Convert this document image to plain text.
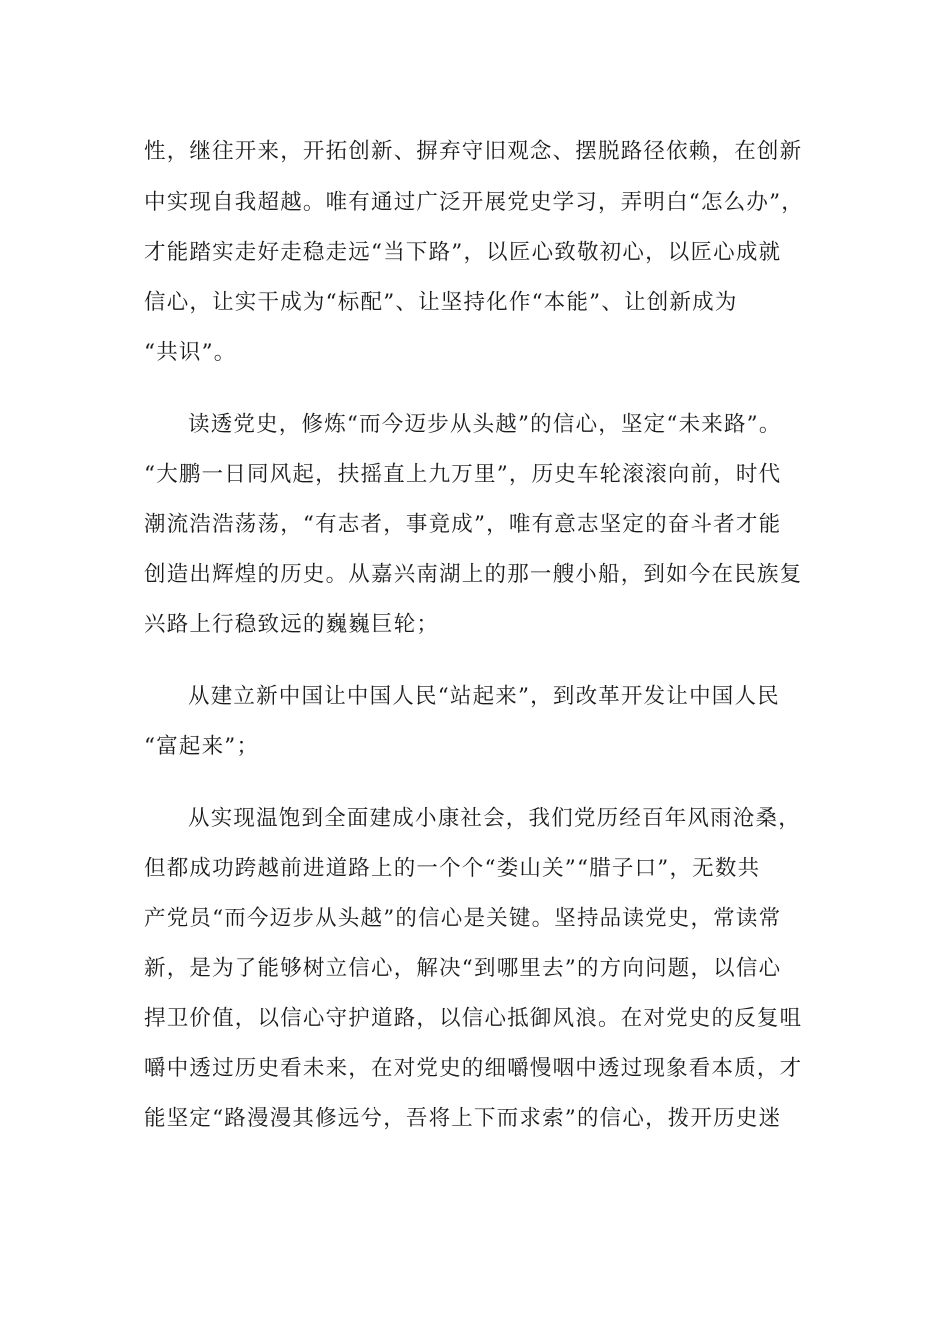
性，继往开来，开拓创新、摒弃守旧观念、摆脱路径依赖，在创新
中实现自我超越。唯有通过广泛开展党史学习，弄明白“怎么办”，
才能踏实走好走稳走远“当下路”，以匠心致敬初心，以匠心成就
信心，让实干成为“标配”、让坚持化作“本能”、让创新成为
“共识”。
读透党史，修炼“而今迈步从头越”的信心，坚定“未来路”。
“大鹏一日同风起，扶摇直上九万里”，历史车轮滚滚向前，时代
潮流浩浩荡荡，“有志者，事竟成”，唯有意志坚定的奋斗者才能
创造出辉煌的历史。从嘉兴南湖上的那一艘小船，到如今在民族复
兴路上行稳致远的巍巍巨轮；
从建立新中国让中国人民“站起来”，到改革开发让中国人民
“富起来”；
从实现温饱到全面建成小康社会，我们党历经百年风雨沧桑，
但都成功跨越前进道路上的一个个“娄山关”“腊子口”，无数共
产党员“而今迈步从头越”的信心是关键。坚持品读党史，常读常
新，是为了能够树立信心，解决“到哪里去”的方向问题，以信心
捍卫价值，以信心守护道路，以信心抵御风浪。在对党史的反复咀
嚼中透过历史看未来，在对党史的细嚼慢咽中透过现象看本质，才
能坚定“路漫漫其修远兮，吾将上下而求索”的信心，拨开历史迷
